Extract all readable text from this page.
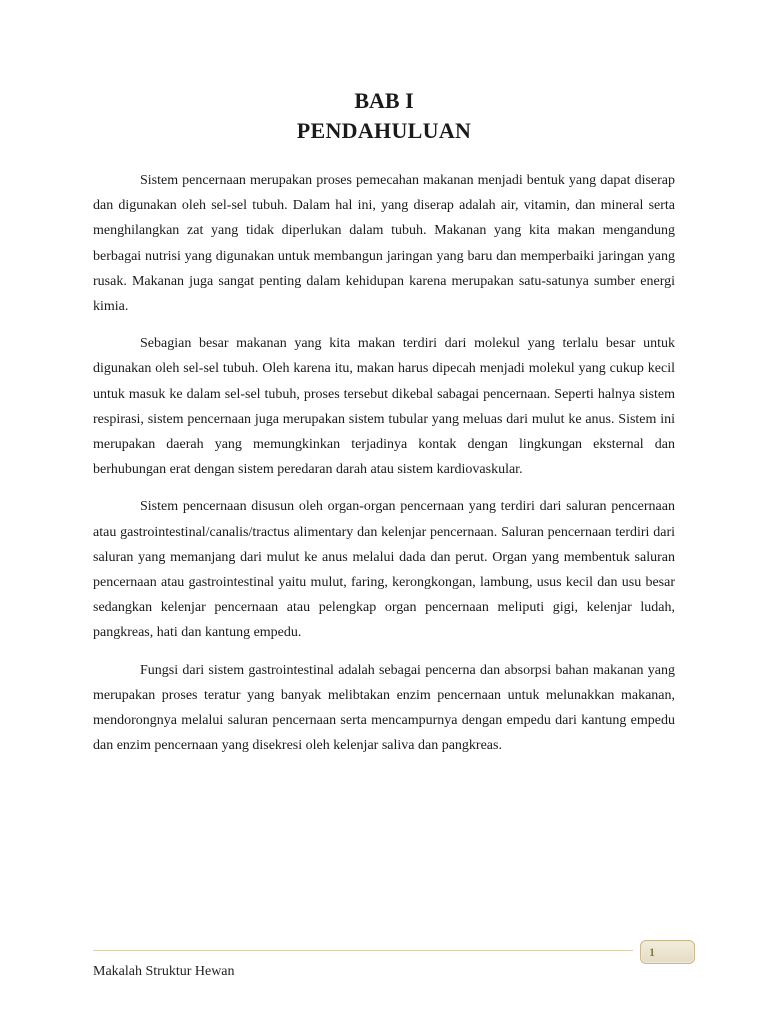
BAB I
PENDAHULUAN

Sistem pencernaan merupakan proses pemecahan makanan menjadi bentuk yang dapat diserap dan digunakan oleh sel-sel tubuh. Dalam hal ini, yang diserap adalah air, vitamin, dan mineral serta menghilangkan zat yang tidak diperlukan dalam tubuh. Makanan yang kita makan mengandung berbagai nutrisi yang digunakan untuk membangun jaringan yang baru dan memperbaiki jaringan yang rusak. Makanan juga sangat penting dalam kehidupan karena merupakan satu-satunya sumber energi kimia.

Sebagian besar makanan yang kita makan terdiri dari molekul yang terlalu besar untuk digunakan oleh sel-sel tubuh. Oleh karena itu, makan harus dipecah menjadi molekul yang cukup kecil untuk masuk ke dalam sel-sel tubuh, proses tersebut dikebal sabagai pencernaan. Seperti halnya sistem respirasi, sistem pencernaan juga merupakan sistem tubular yang meluas dari mulut ke anus. Sistem ini merupakan daerah yang memungkinkan terjadinya kontak dengan lingkungan eksternal dan berhubungan erat dengan sistem peredaran darah atau sistem kardiovaskular.

Sistem pencernaan disusun oleh organ-organ pencernaan yang terdiri dari saluran pencernaan atau gastrointestinal/canalis/tractus alimentary dan kelenjar pencernaan. Saluran pencernaan terdiri dari saluran yang memanjang dari mulut ke anus melalui dada dan perut. Organ yang membentuk saluran pencernaan atau gastrointestinal yaitu mulut, faring, kerongkongan, lambung, usus kecil dan usu besar sedangkan kelenjar pencernaan atau pelengkap organ pencernaan meliputi gigi, kelenjar ludah, pangkreas, hati dan kantung empedu.

Fungsi dari sistem gastrointestinal adalah sebagai pencerna dan absorpsi bahan makanan yang merupakan proses teratur yang banyak melibtakan enzim pencernaan untuk melunakkan makanan, mendorongnya melalui saluran pencernaan serta mencampurnya dengan empedu dari kantung empedu dan enzim pencernaan yang disekresi oleh kelenjar saliva dan pangkreas.

1
Makalah Struktur Hewan
